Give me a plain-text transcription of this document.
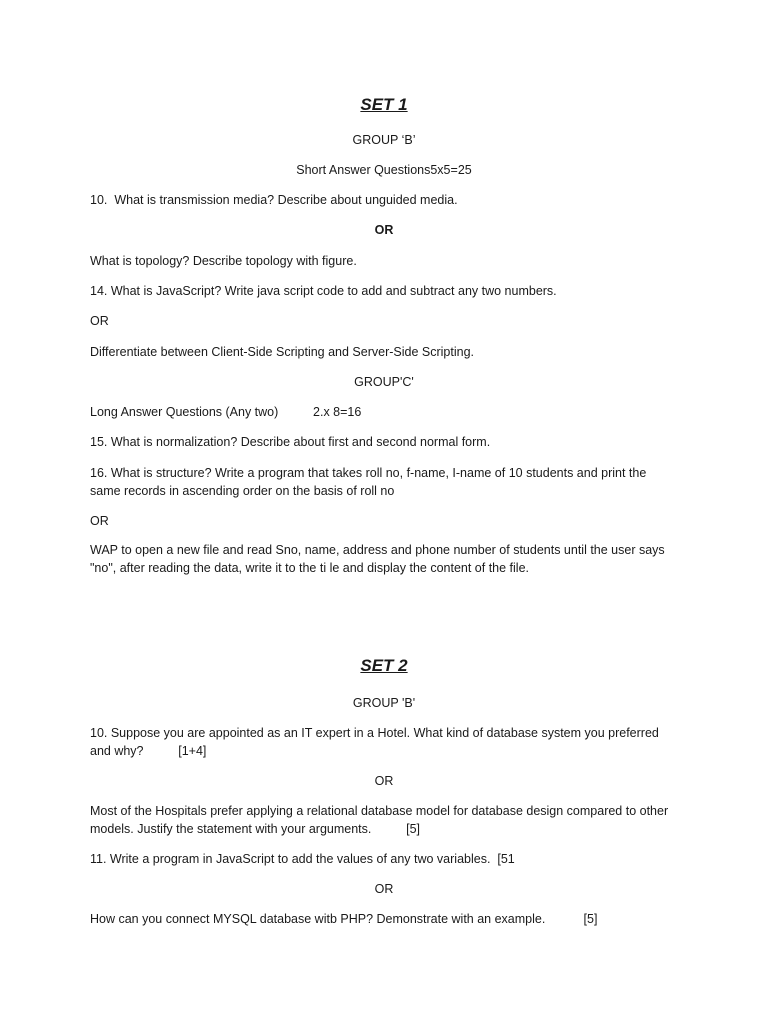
SET 1
GROUP ‘B’
Short Answer Questions5x5=25
10.  What is transmission media? Describe about unguided media.
OR
What is topology? Describe topology with figure.
14. What is JavaScript? Write java script code to add and subtract any two numbers.
OR
Differentiate between Client-Side Scripting and Server-Side Scripting.
GROUP'C'
Long Answer Questions (Any two)          2.x 8=16
15. What is normalization? Describe about first and second normal form.
16. What is structure? Write a program that takes roll no, f-name, I-name of 10 students and print the same records in ascending order on the basis of roll no
OR
WAP to open a new file and read Sno, name, address and phone number of students until the user says "no", after reading the data, write it to the ti le and display the content of the file.
SET 2
GROUP 'B'
10. Suppose you are appointed as an IT expert in a Hotel. What kind of database system you preferred and why?          [1+4]
OR
Most of the Hospitals prefer applying a relational database model for database design compared to other models. Justify the statement with your arguments.          [5]
11. Write a program in JavaScript to add the values of any two variables.  [51
OR
How can you connect MYSQL database witb PHP? Demonstrate with an example.           [5]
